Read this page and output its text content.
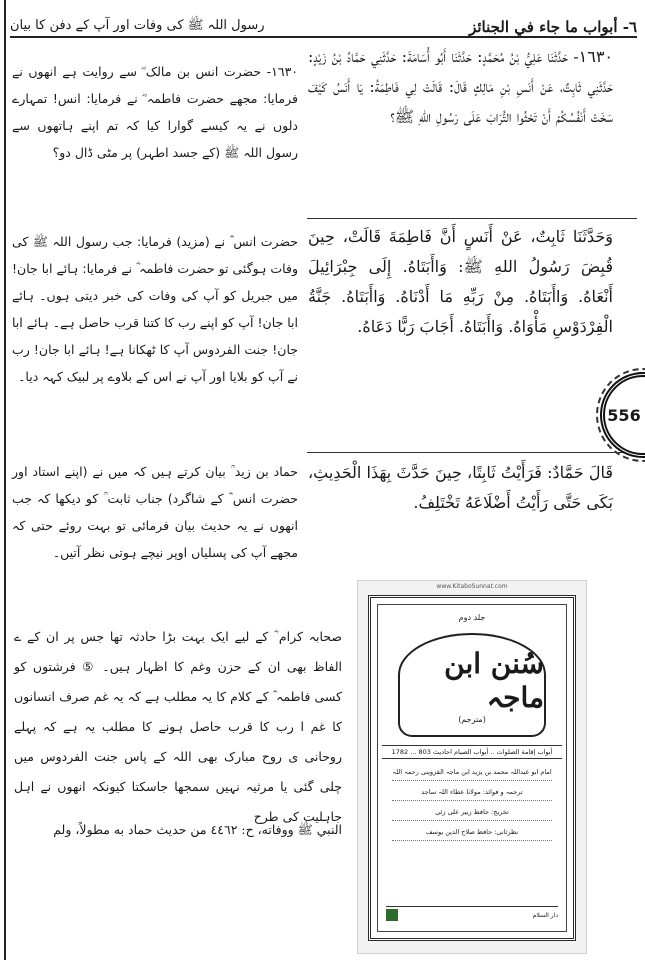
٦- أبواب ما جاء في الجنائز
رسول اللہ ﷺ کی وفات اور آپ کے دفن کا بیان
١٦٣٠- حَدَّثَنَا عَلِيُّ بْنُ مُحَمَّدٍ: حَدَّثَنَا أَبُو أُسَامَةَ: حَدَّثَنِي حَمَّادُ بْنُ زَيْدٍ: حَدَّثَنِي ثَابِتٌ، عَنْ أَنَسِ بْنِ مَالِكٍ قَالَ: قَالَتْ لِي فَاطِمَةُ: يَا أَنَسُ كَيْفَ سَخَتْ أَنْفُسُكُمْ أَنْ تَحْثُوا التُّرَابَ عَلَى رَسُولِ اللهِ ﷺ؟
١٦٣٠- حضرت انس بن مالک ؓ سے روایت ہے انھوں نے فرمایا: مجھے حضرت فاطمہ ؓ نے فرمایا: انس! تمہارے دلوں نے یہ کیسے گوارا کیا کہ تم اپنے ہاتھوں سے رسول اللہ ﷺ (کے جسد اطہر) پر مٹی ڈال دو؟
وَحَدَّثَنَا ثَابِتٌ، عَنْ أَنَسٍ أَنَّ فَاطِمَةَ قَالَتْ، حِينَ قُبِضَ رَسُولُ اللهِ ﷺ: وَاأَبَتَاهُ. إِلَى جِبْرَائِيلَ أَنْعَاهُ. وَاأَبَتَاهُ. مِنْ رَبِّهِ مَا أَدْنَاهُ. وَاأَبَتَاهُ. جَنَّةُ الْفِرْدَوْسِ مَأْوَاهُ. وَاأَبَتَاهُ. أَجَابَ رَبًّا دَعَاهُ.
حضرت انس ؓ نے (مزید) فرمایا: جب رسول اللہ ﷺ کی وفات ہوگئی تو حضرت فاطمہ ؓ نے فرمایا: ہائے ابا جان! میں جبریل کو آپ کی وفات کی خبر دیتی ہوں۔ ہائے ابا جان! آپ کو اپنے رب کا کتنا قرب حاصل ہے۔ ہائے ابا جان! جنت الفردوس آپ کا ٹھکانا ہے! ہائے ابا جان! رب نے آپ کو بلایا اور آپ نے اس کے بلاوے پر لبیک کہہ دیا۔
قَالَ حَمَّادٌ: فَرَأَيْتُ ثَابِتًا، حِينَ حَدَّثَ بِهَذَا الْحَدِيثِ، بَكَى حَتَّى رَأَيْتُ أَضْلَاعَهُ تَخْتَلِفُ.
حماد بن زید ؒ بیان کرتے ہیں کہ میں نے (اپنے استاد اور حضرت انس ؓ کے شاگرد) جناب ثابت ؒ کو دیکھا کہ جب انھوں نے یہ حدیث بیان فرمائی تو بہت روئے حتی کہ مجھے آپ کی پسلیاں اوپر نیچے ہوتی نظر آتیں۔
صحابہ کرام ؓ کے لیے ایک بہت بڑا حادثہ تھا جس پر ان کے ے الفاظ بھی ان کے حزن وغم کا اظہار ہیں۔ ⑤ فرشتوں کو کسی فاطمہ ؓ کے کلام کا یہ مطلب ہے کہ یہ غم صرف انسانوں کا غم ا رب کا قرب حاصل ہونے کا مطلب یہ ہے کہ پہلے روحانی ی روح مبارک بھی اللہ کے پاس جنت الفردوس میں چلی گئی یا مرثیہ نہیں سمجھا جاسکتا کیونکہ انھوں نے اہل جاہلیت کی طرح
النبي ﷺ ووفاته، ح: ٤٤٦٢ من حديث حماد به مطولاً، ولم
556
www.KitaboSunnat.com
جلد دوم
سُنن ابن ماجہ
(مترجم)
أبواب إقامة الصلوات .. أبواب الصيام احاديث 803 ... 1782
امام ابو عبداللہ محمد بن یزید ابن ماجہ القزوینی رحمہ اللہ
ترجمہ و فوائد: مولانا عطاء اللہ ساجد
تخریج: حافظ زبیر علی زئی
نظرثانی: حافظ صلاح الدین یوسف
دار السلام
